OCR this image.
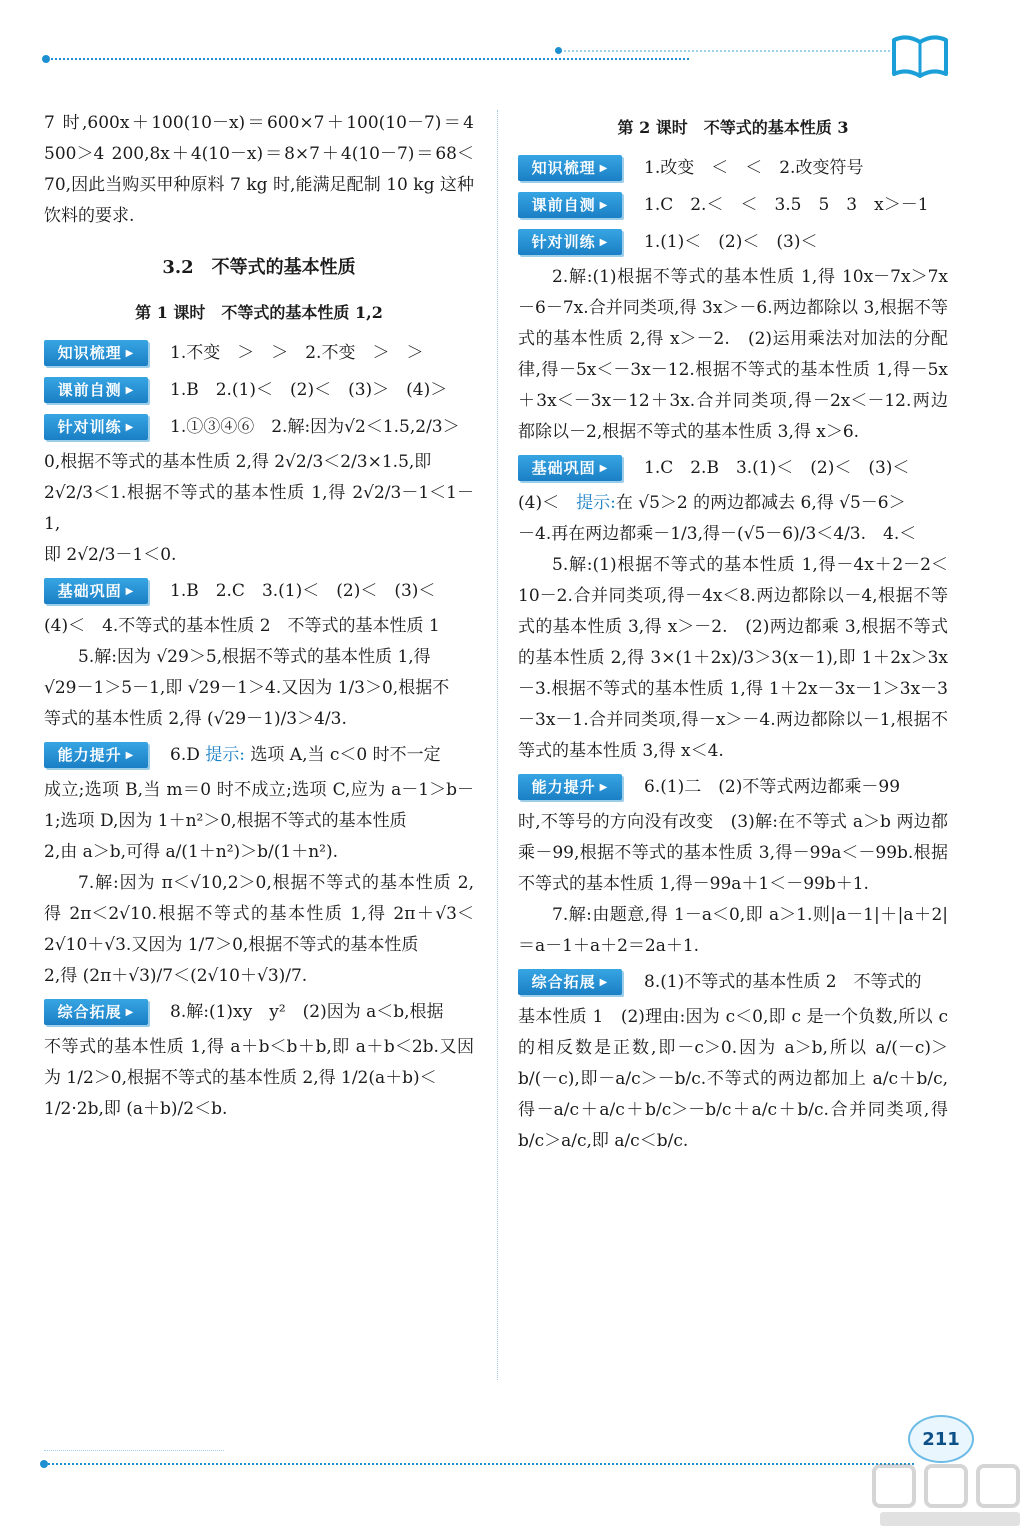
7 时,600x＋100(10－x)＝600×7＋100(10－7)＝4 500＞4 200,8x＋4(10－x)＝8×7＋4(10－7)＝68＜70,因此当购买甲种原料 7 kg 时,能满足配制 10 kg 这种饮料的要求.

3.2　不等式的基本性质
第 1 课时　不等式的基本性质 1,2
知识梳理 ▶	1.不变　＞　＞　2.不变　＞　＞
课前自测 ▶	1.B　2.(1)＜　(2)＜　(3)＞　(4)＞
针对训练 ▶	1.①③④⑥　2.解:因为√2＜1.5,2/3＞

0,根据不等式的基本性质 2,得 2√2/3＜2/3×1.5,即

2√2/3＜1.根据不等式的基本性质 1,得 2√2/3－1＜1－1,

即 2√2/3－1＜0.

基础巩固 ▶	1.B　2.C　3.(1)＜　(2)＜　(3)＜

(4)＜　4.不等式的基本性质 2　不等式的基本性质 1

5.解:因为 √29＞5,根据不等式的基本性质 1,得

√29－1＞5－1,即 √29－1＞4.又因为 1/3＞0,根据不

等式的基本性质 2,得 (√29－1)/3＞4/3.

能力提升 ▶	6.D 提示: 选项 A,当 c＜0 时不一定

成立;选项 B,当 m＝0 时不成立;选项 C,应为 a－1＞b－1;选项 D,因为 1＋n²＞0,根据不等式的基本性质

2,由 a＞b,可得 a/(1＋n²)＞b/(1＋n²).

7.解:因为 π＜√10,2＞0,根据不等式的基本性质 2,得 2π＜2√10.根据不等式的基本性质 1,得 2π＋√3＜2√10＋√3.又因为 1/7＞0,根据不等式的基本性质

2,得 (2π＋√3)/7＜(2√10＋√3)/7.

综合拓展 ▶	8.解:(1)xy　y²　(2)因为 a＜b,根据

不等式的基本性质 1,得 a＋b＜b＋b,即 a＋b＜2b.又因为 1/2＞0,根据不等式的基本性质 2,得 1/2(a＋b)＜

1/2·2b,即 (a＋b)/2＜b.

第 2 课时　不等式的基本性质 3
知识梳理 ▶	1.改变　＜　＜　2.改变符号
课前自测 ▶	1.C　2.＜　＜　3.5　5　3　x＞－1
针对训练 ▶	1.(1)＜　(2)＜　(3)＜

2.解:(1)根据不等式的基本性质 1,得 10x－7x＞7x－6－7x.合并同类项,得 3x＞－6.两边都除以 3,根据不等式的基本性质 2,得 x＞－2.　(2)运用乘法对加法的分配律,得－5x＜－3x－12.根据不等式的基本性质 1,得－5x＋3x＜－3x－12＋3x.合并同类项,得－2x＜－12.两边都除以－2,根据不等式的基本性质 3,得 x＞6.

基础巩固 ▶	1.C　2.B　3.(1)＜　(2)＜　(3)＜

(4)＜　 提示:在 √5＞2 的两边都减去 6,得 √5－6＞

－4.再在两边都乘－1/3,得－(√5－6)/3＜4/3.　4.＜

5.解:(1)根据不等式的基本性质 1,得－4x＋2－2＜10－2.合并同类项,得－4x＜8.两边都除以－4,根据不等式的基本性质 3,得 x＞－2.　(2)两边都乘 3,根据不等式的基本性质 2,得 3×(1＋2x)/3＞3(x－1),即 1＋2x＞3x－3.根据不等式的基本性质 1,得 1＋2x－3x－1＞3x－3－3x－1.合并同类项,得－x＞－4.两边都除以－1,根据不等式的基本性质 3,得 x＜4.

能力提升 ▶	6.(1)二　(2)不等式两边都乘－99

时,不等号的方向没有改变　(3)解:在不等式 a＞b 两边都乘－99,根据不等式的基本性质 3,得－99a＜－99b.根据不等式的基本性质 1,得－99a＋1＜－99b＋1.

7.解:由题意,得 1－a＜0,即 a＞1.则|a－1|＋|a＋2|＝a－1＋a＋2＝2a＋1.

综合拓展 ▶	8.(1)不等式的基本性质 2　不等式的

基本性质 1　(2)理由:因为 c＜0,即 c 是一个负数,所以 c 的相反数是正数,即－c＞0.因为 a＞b,所以 a/(－c)＞b/(－c),即－a/c＞－b/c.不等式的两边都加上 a/c＋b/c,得－a/c＋a/c＋b/c＞－b/c＋a/c＋b/c.合并同类项,得 b/c＞a/c,即 a/c＜b/c.

211
